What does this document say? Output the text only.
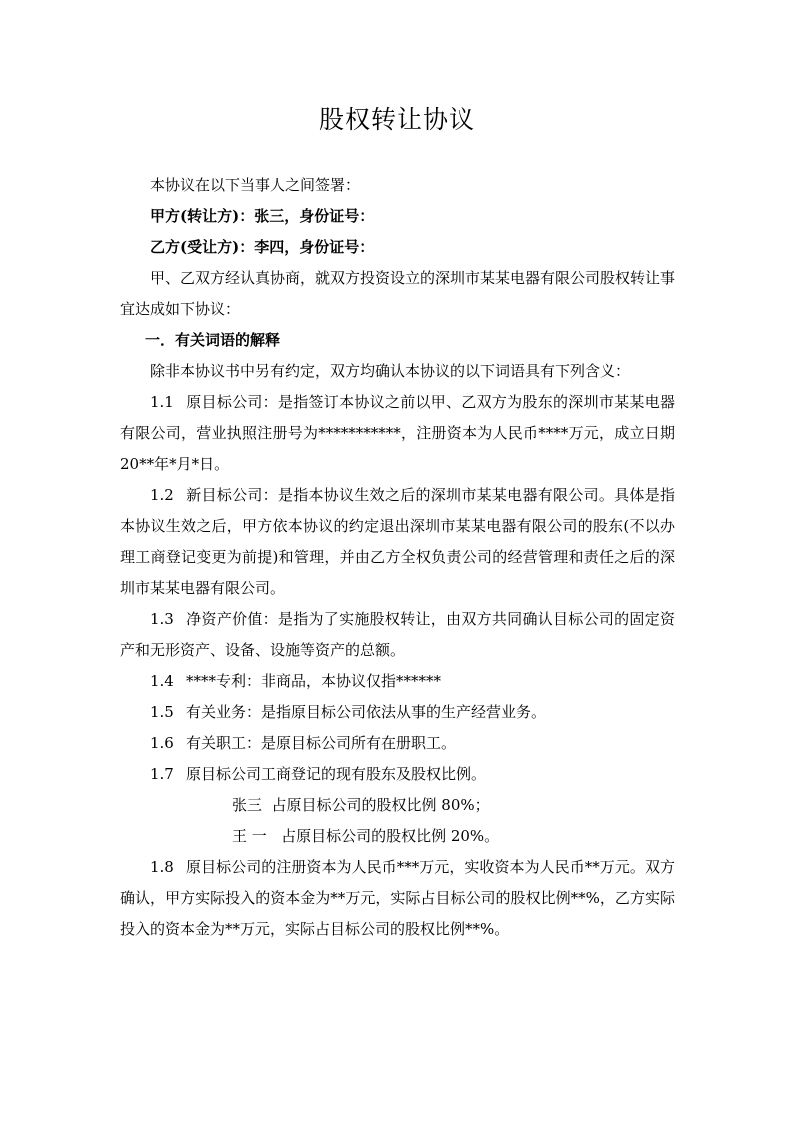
股权转让协议

本协议在以下当事人之间签署：

甲方(转让方)：张三，身份证号：

乙方(受让方)：李四，身份证号：

甲、乙双方经认真协商，就双方投资设立的深圳市某某电器有限公司股权转让事宜达成如下协议：

一．有关词语的解释

除非本协议书中另有约定，双方均确认本协议的以下词语具有下列含义：

1.1 原目标公司：是指签订本协议之前以甲、乙双方为股东的深圳市某某电器有限公司，营业执照注册号为***********，注册资本为人民币****万元，成立日期20**年*月*日。

1.2 新目标公司：是指本协议生效之后的深圳市某某电器有限公司。具体是指本协议生效之后，甲方依本协议的约定退出深圳市某某电器有限公司的股东(不以办理工商登记变更为前提)和管理，并由乙方全权负责公司的经营管理和责任之后的深圳市某某电器有限公司。

1.3 净资产价值：是指为了实施股权转让，由双方共同确认目标公司的固定资产和无形资产、设备、设施等资产的总额。

1.4 ****专利：非商品，本协议仅指******

1.5 有关业务：是指原目标公司依法从事的生产经营业务。

1.6 有关职工：是原目标公司所有在册职工。

1.7 原目标公司工商登记的现有股东及股权比例。

张三  占原目标公司的股权比例 80%；

王 一   占原目标公司的股权比例 20%。

1.8 原目标公司的注册资本为人民币***万元，实收资本为人民币**万元。双方确认，甲方实际投入的资本金为**万元，实际占目标公司的股权比例**%，乙方实际投入的资本金为**万元，实际占目标公司的股权比例**%。
